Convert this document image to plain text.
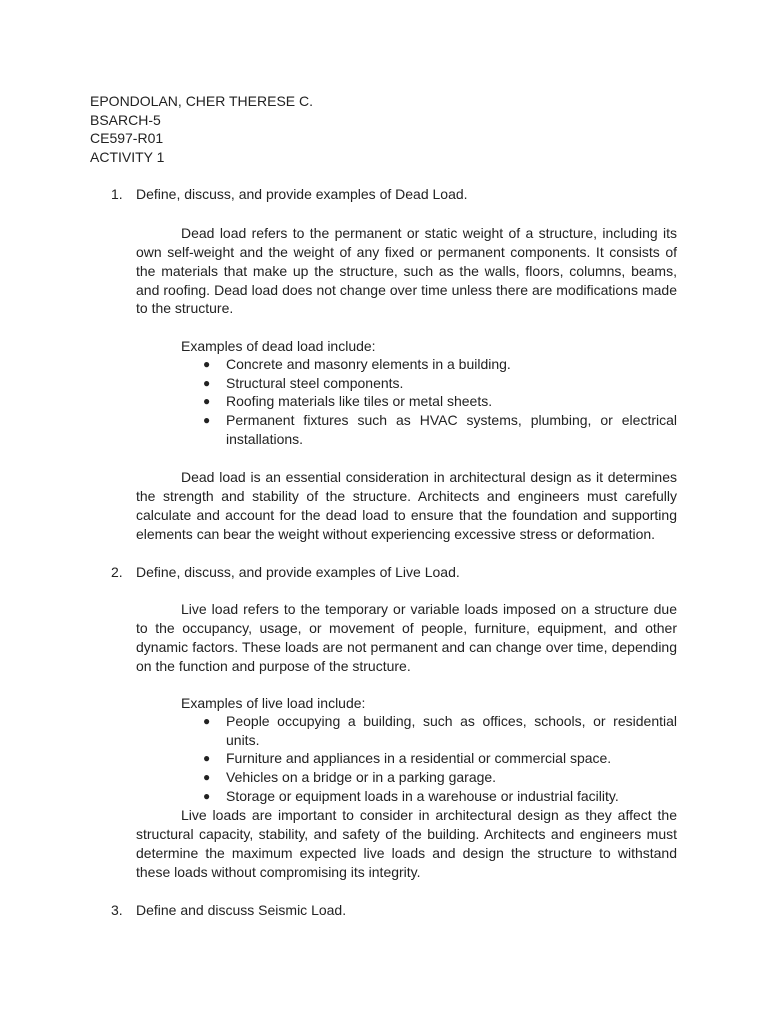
EPONDOLAN, CHER THERESE C.
BSARCH-5
CE597-R01
ACTIVITY 1
1. Define, discuss, and provide examples of Dead Load.

Dead load refers to the permanent or static weight of a structure, including its own self-weight and the weight of any fixed or permanent components. It consists of the materials that make up the structure, such as the walls, floors, columns, beams, and roofing. Dead load does not change over time unless there are modifications made to the structure.

Examples of dead load include:
● Concrete and masonry elements in a building.
● Structural steel components.
● Roofing materials like tiles or metal sheets.
● Permanent fixtures such as HVAC systems, plumbing, or electrical installations.

Dead load is an essential consideration in architectural design as it determines the strength and stability of the structure. Architects and engineers must carefully calculate and account for the dead load to ensure that the foundation and supporting elements can bear the weight without experiencing excessive stress or deformation.

2. Define, discuss, and provide examples of Live Load.

Live load refers to the temporary or variable loads imposed on a structure due to the occupancy, usage, or movement of people, furniture, equipment, and other dynamic factors. These loads are not permanent and can change over time, depending on the function and purpose of the structure.

Examples of live load include:
● People occupying a building, such as offices, schools, or residential units.
● Furniture and appliances in a residential or commercial space.
● Vehicles on a bridge or in a parking garage.
● Storage or equipment loads in a warehouse or industrial facility.

Live loads are important to consider in architectural design as they affect the structural capacity, stability, and safety of the building. Architects and engineers must determine the maximum expected live loads and design the structure to withstand these loads without compromising its integrity.

3. Define and discuss Seismic Load.
